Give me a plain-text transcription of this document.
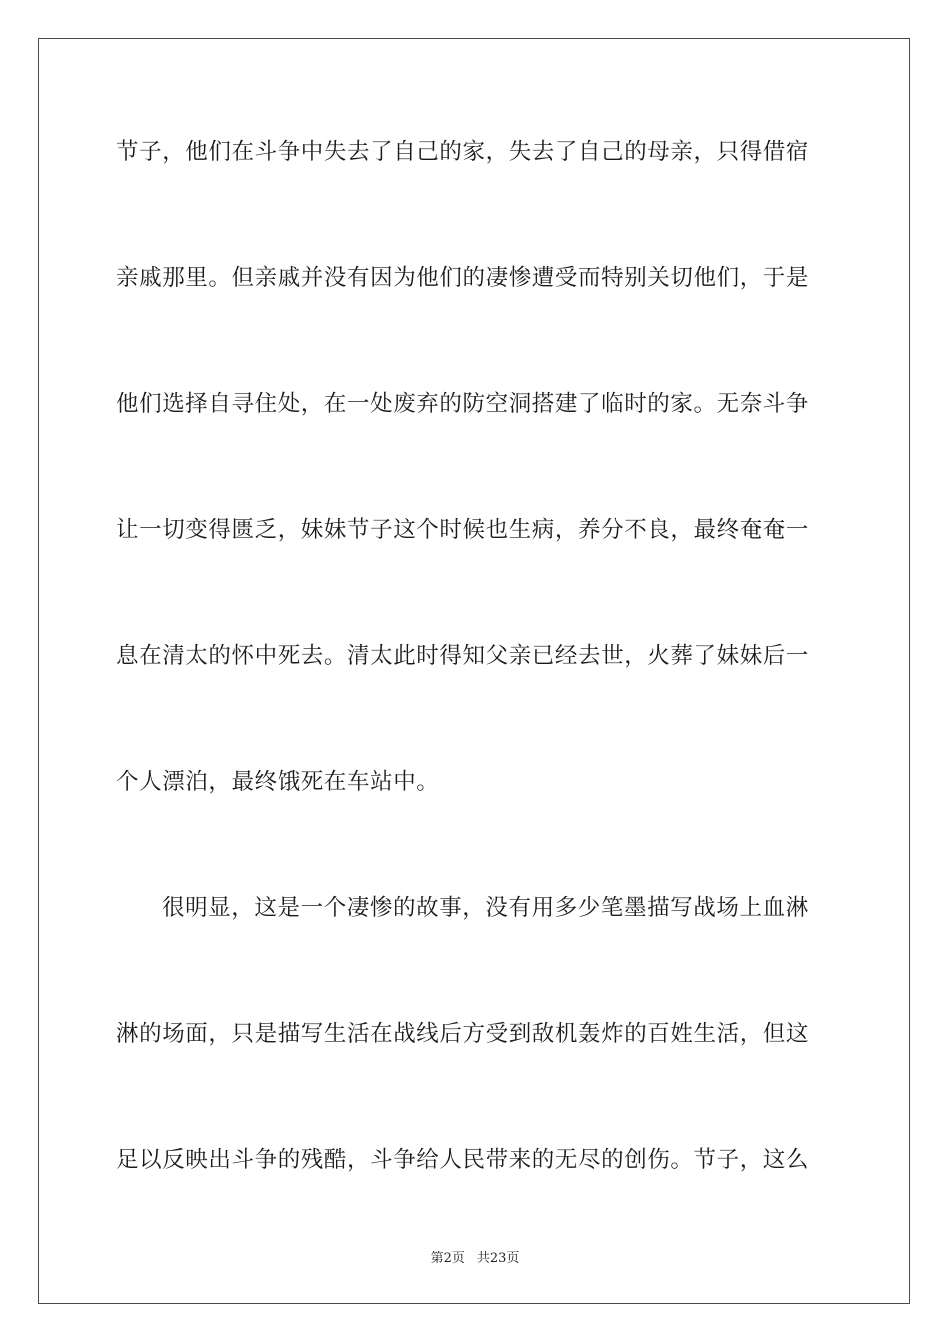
节子，他们在斗争中失去了自己的家，失去了自己的母亲，只得借宿

亲戚那里。但亲戚并没有因为他们的凄惨遭受而特别关切他们，于是

他们选择自寻住处，在一处废弃的防空洞搭建了临时的家。无奈斗争

让一切变得匮乏，妹妹节子这个时候也生病，养分不良，最终奄奄一

息在清太的怀中死去。清太此时得知父亲已经去世，火葬了妹妹后一

个人漂泊，最终饿死在车站中。

很明显，这是一个凄惨的故事，没有用多少笔墨描写战场上血淋

淋的场面，只是描写生活在战线后方受到敌机轰炸的百姓生活，但这

足以反映出斗争的残酷，斗争给人民带来的无尽的创伤。节子，这么

第2页 共23页
